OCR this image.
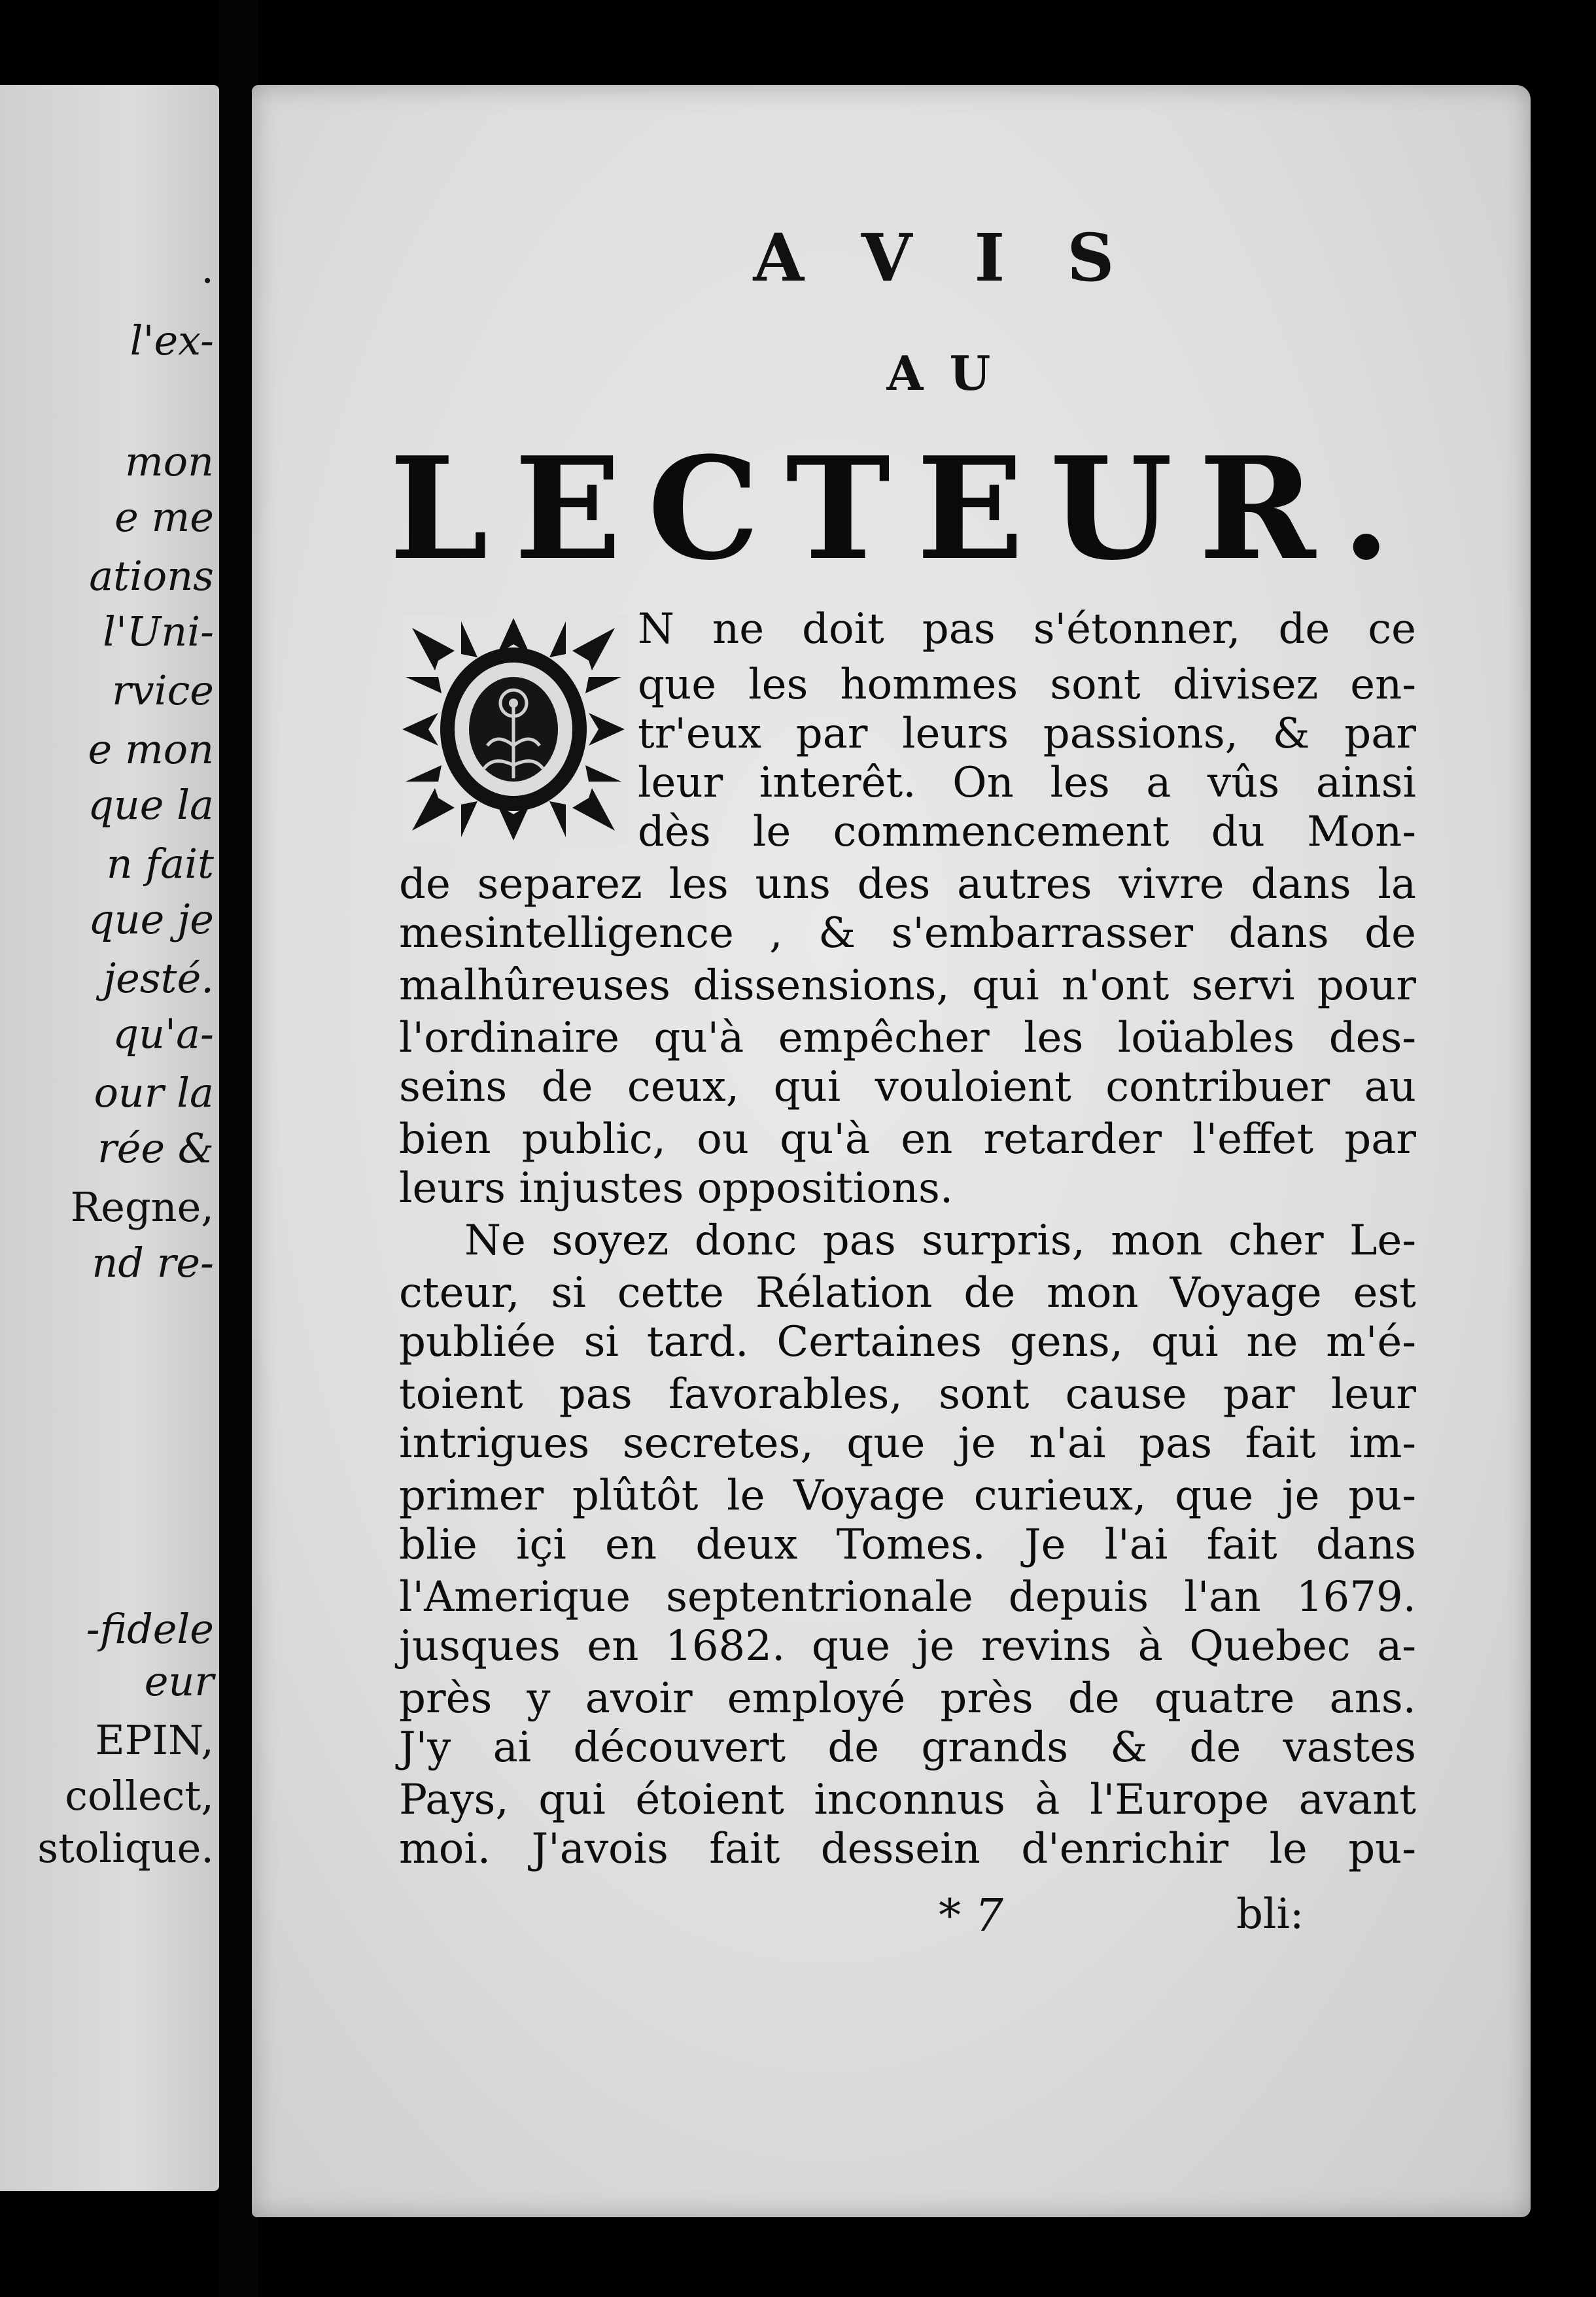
.
l'ex-
mon
e me
ations
l'Uni-
rvice
e mon
que la
n fait
que je
jesté.
qu'a-
our la
rée &
Regne,
nd re-
-fidele
eur
EPIN,
collect,
stolique.
AVIS
AU
LECTEUR.
N ne doit pas s'étonner, de ce
que les hommes sont divisez en-
tr'eux par leurs passions, & par
leur interêt. On les a vûs ainsi
dès le commencement du Mon-
de separez les uns des autres vivre dans la
mesintelligence , & s'embarrasser dans de
malhûreuses dissensions, qui n'ont servi pour
l'ordinaire qu'à empêcher les loüables des-
seins de ceux, qui vouloient contribuer au
bien public, ou qu'à en retarder l'effet par
leurs injustes oppositions.
Ne soyez donc pas surpris, mon cher Le-
cteur, si cette Rélation de mon Voyage est
publiée si tard. Certaines gens, qui ne m'é-
toient pas favorables, sont cause par leur
intrigues secretes, que je n'ai pas fait im-
primer plûtôt le Voyage curieux, que je pu-
blie içi en deux Tomes. Je l'ai fait dans
l'Amerique septentrionale depuis l'an 1679.
jusques en 1682. que je revins à Quebec a-
près y avoir employé près de quatre ans.
J'y ai découvert de grands & de vastes
Pays, qui étoient inconnus à l'Europe avant
moi. J'avois fait dessein d'enrichir le pu-
* 7	bli:
